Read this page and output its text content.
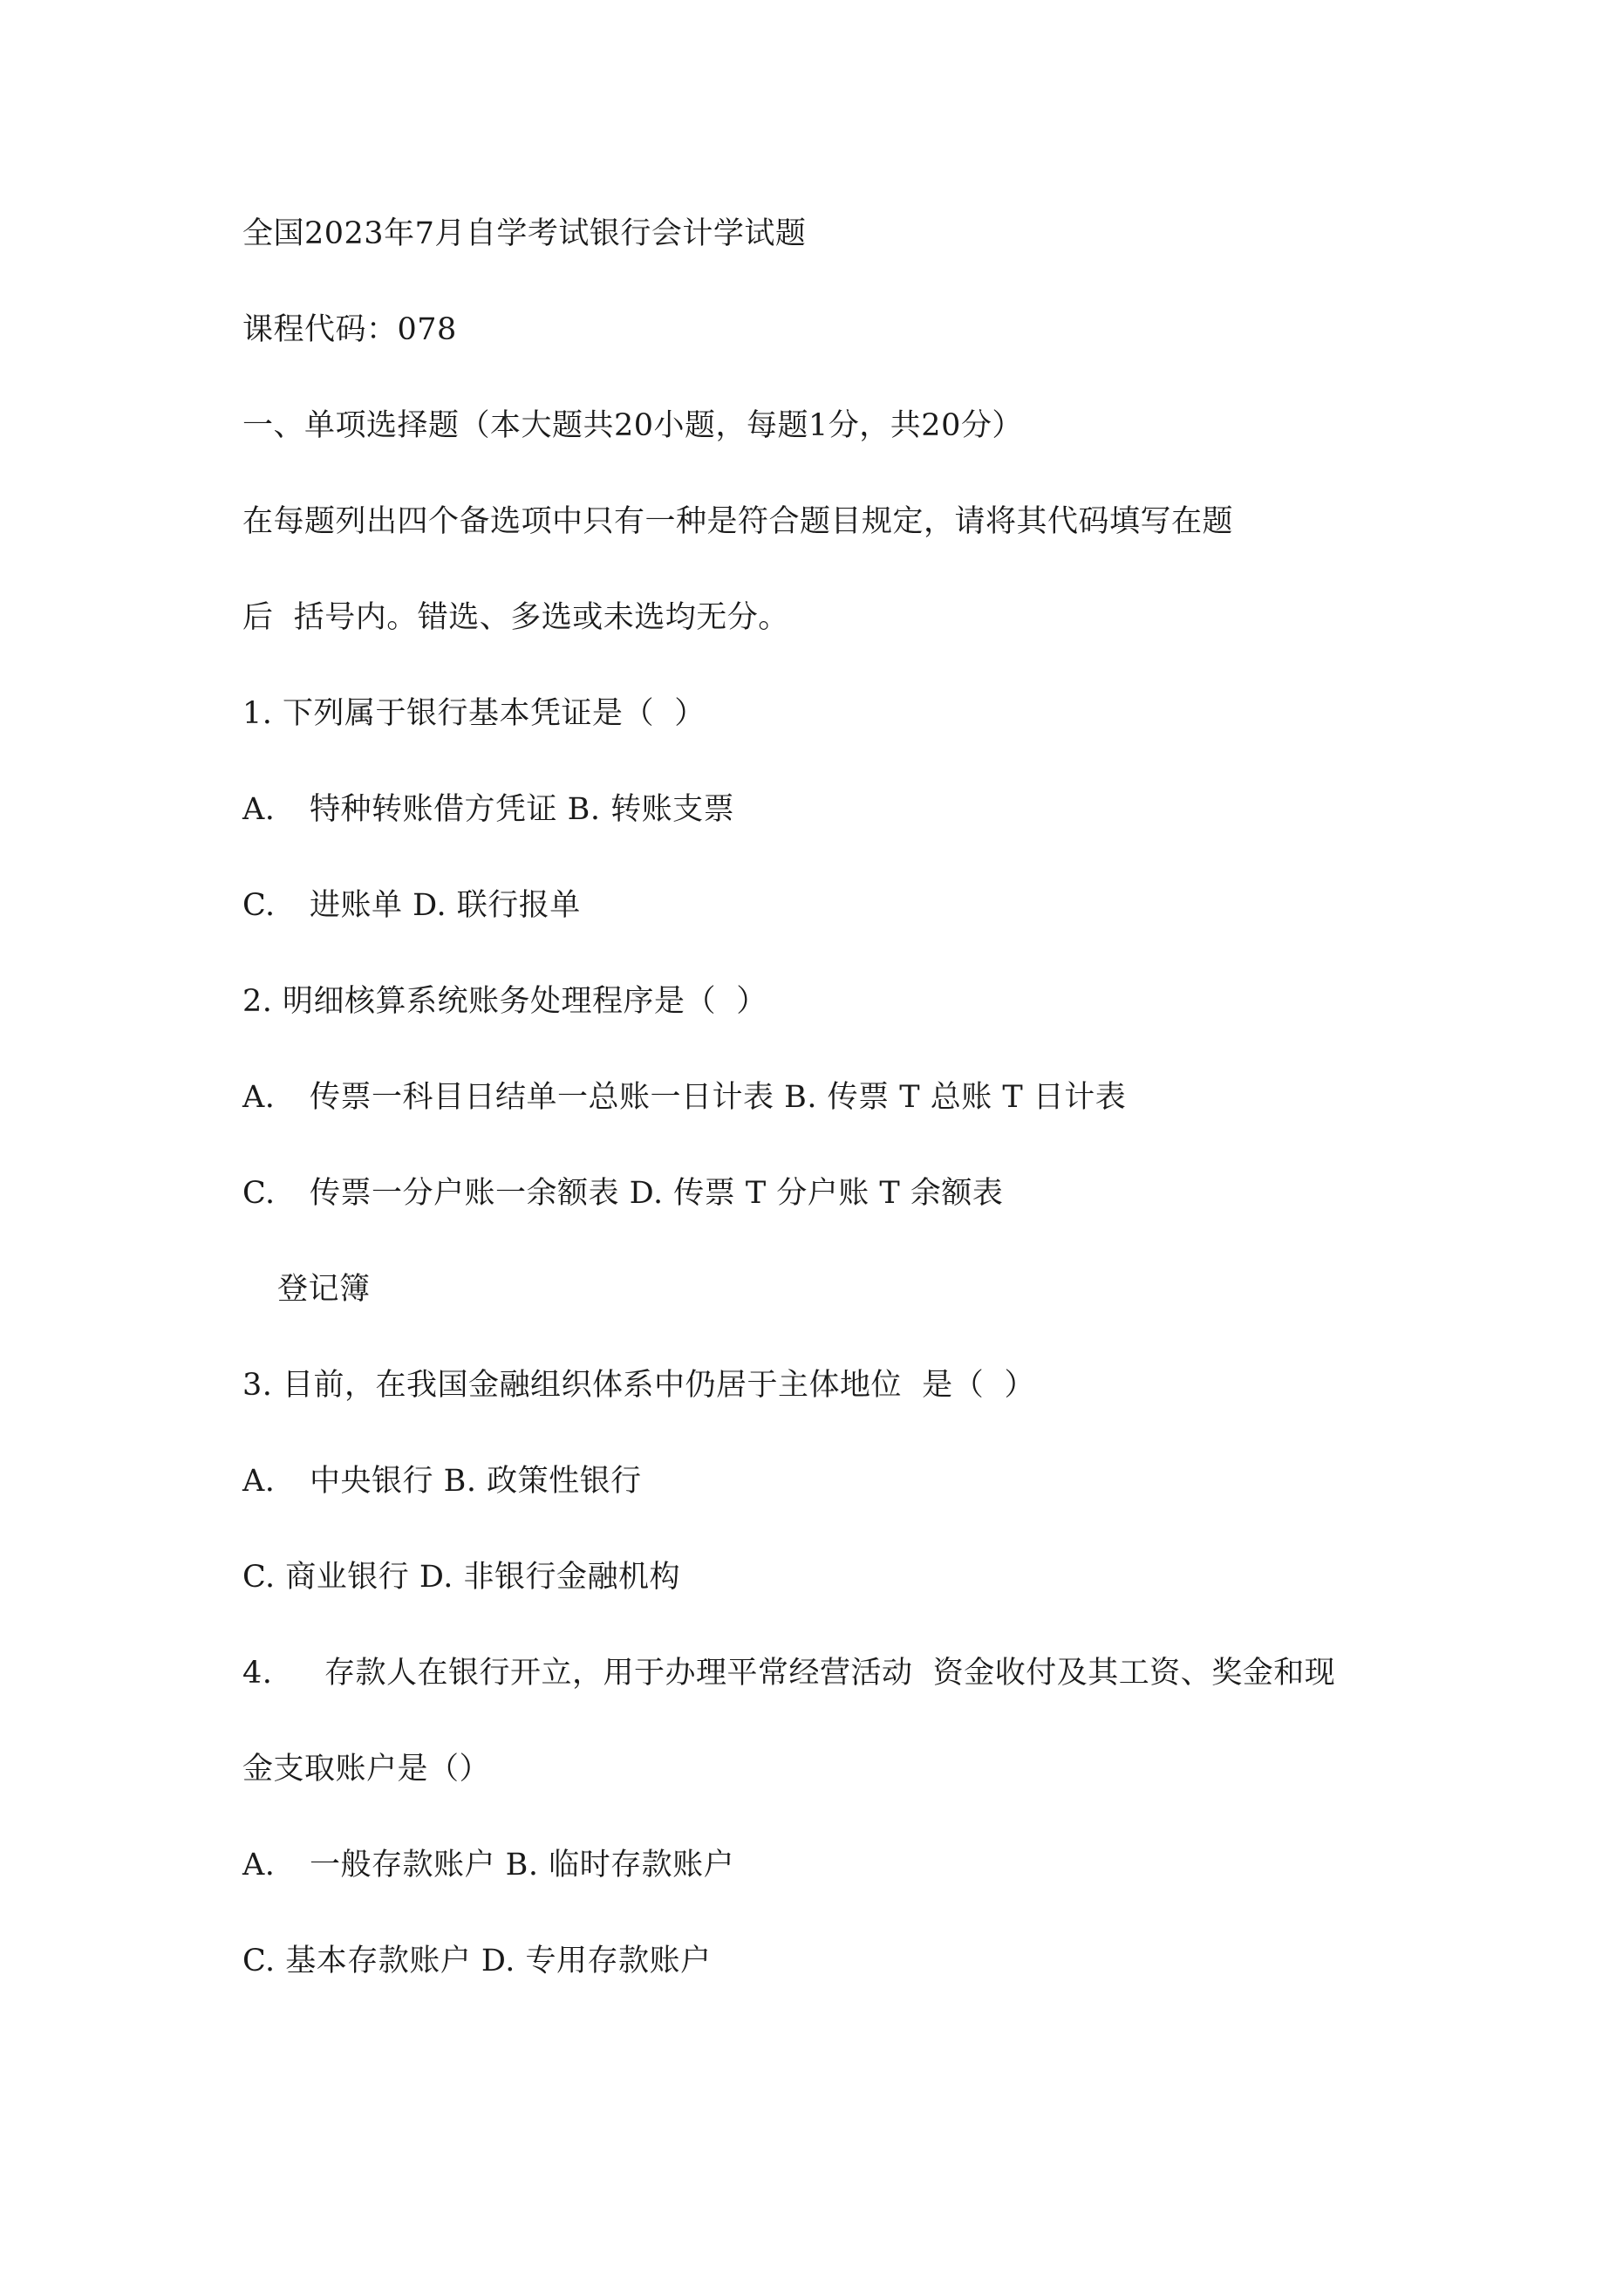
全国2023年7月自学考试银行会计学试题
课程代码：078
一、单项选择题（本大题共20小题，每题1分，共20分）
在每题列出四个备选项中只有一种是符合题目规定，请将其代码填写在题
后  括号内。错选、多选或未选均无分。
1. 下列属于银行基本凭证是（  ）
A. 特种转账借方凭证 B. 转账支票
C. 进账单 D. 联行报单
2. 明细核算系统账务处理程序是（  ）
A. 传票一科目日结单一总账一日计表 B. 传票 T 总账 T 日计表
C. 传票一分户账一余额表 D. 传票 T 分户账 T 余额表
登记簿
3. 目前，在我国金融组织体系中仍居于主体地位  是（  ）
A. 中央银行 B. 政策性银行
C. 商业银行 D. 非银行金融机构
4. 存款人在银行开立，用于办理平常经营活动  资金收付及其工资、奖金和现
金支取账户是（）
A. 一般存款账户 B. 临时存款账户
C. 基本存款账户 D. 专用存款账户
